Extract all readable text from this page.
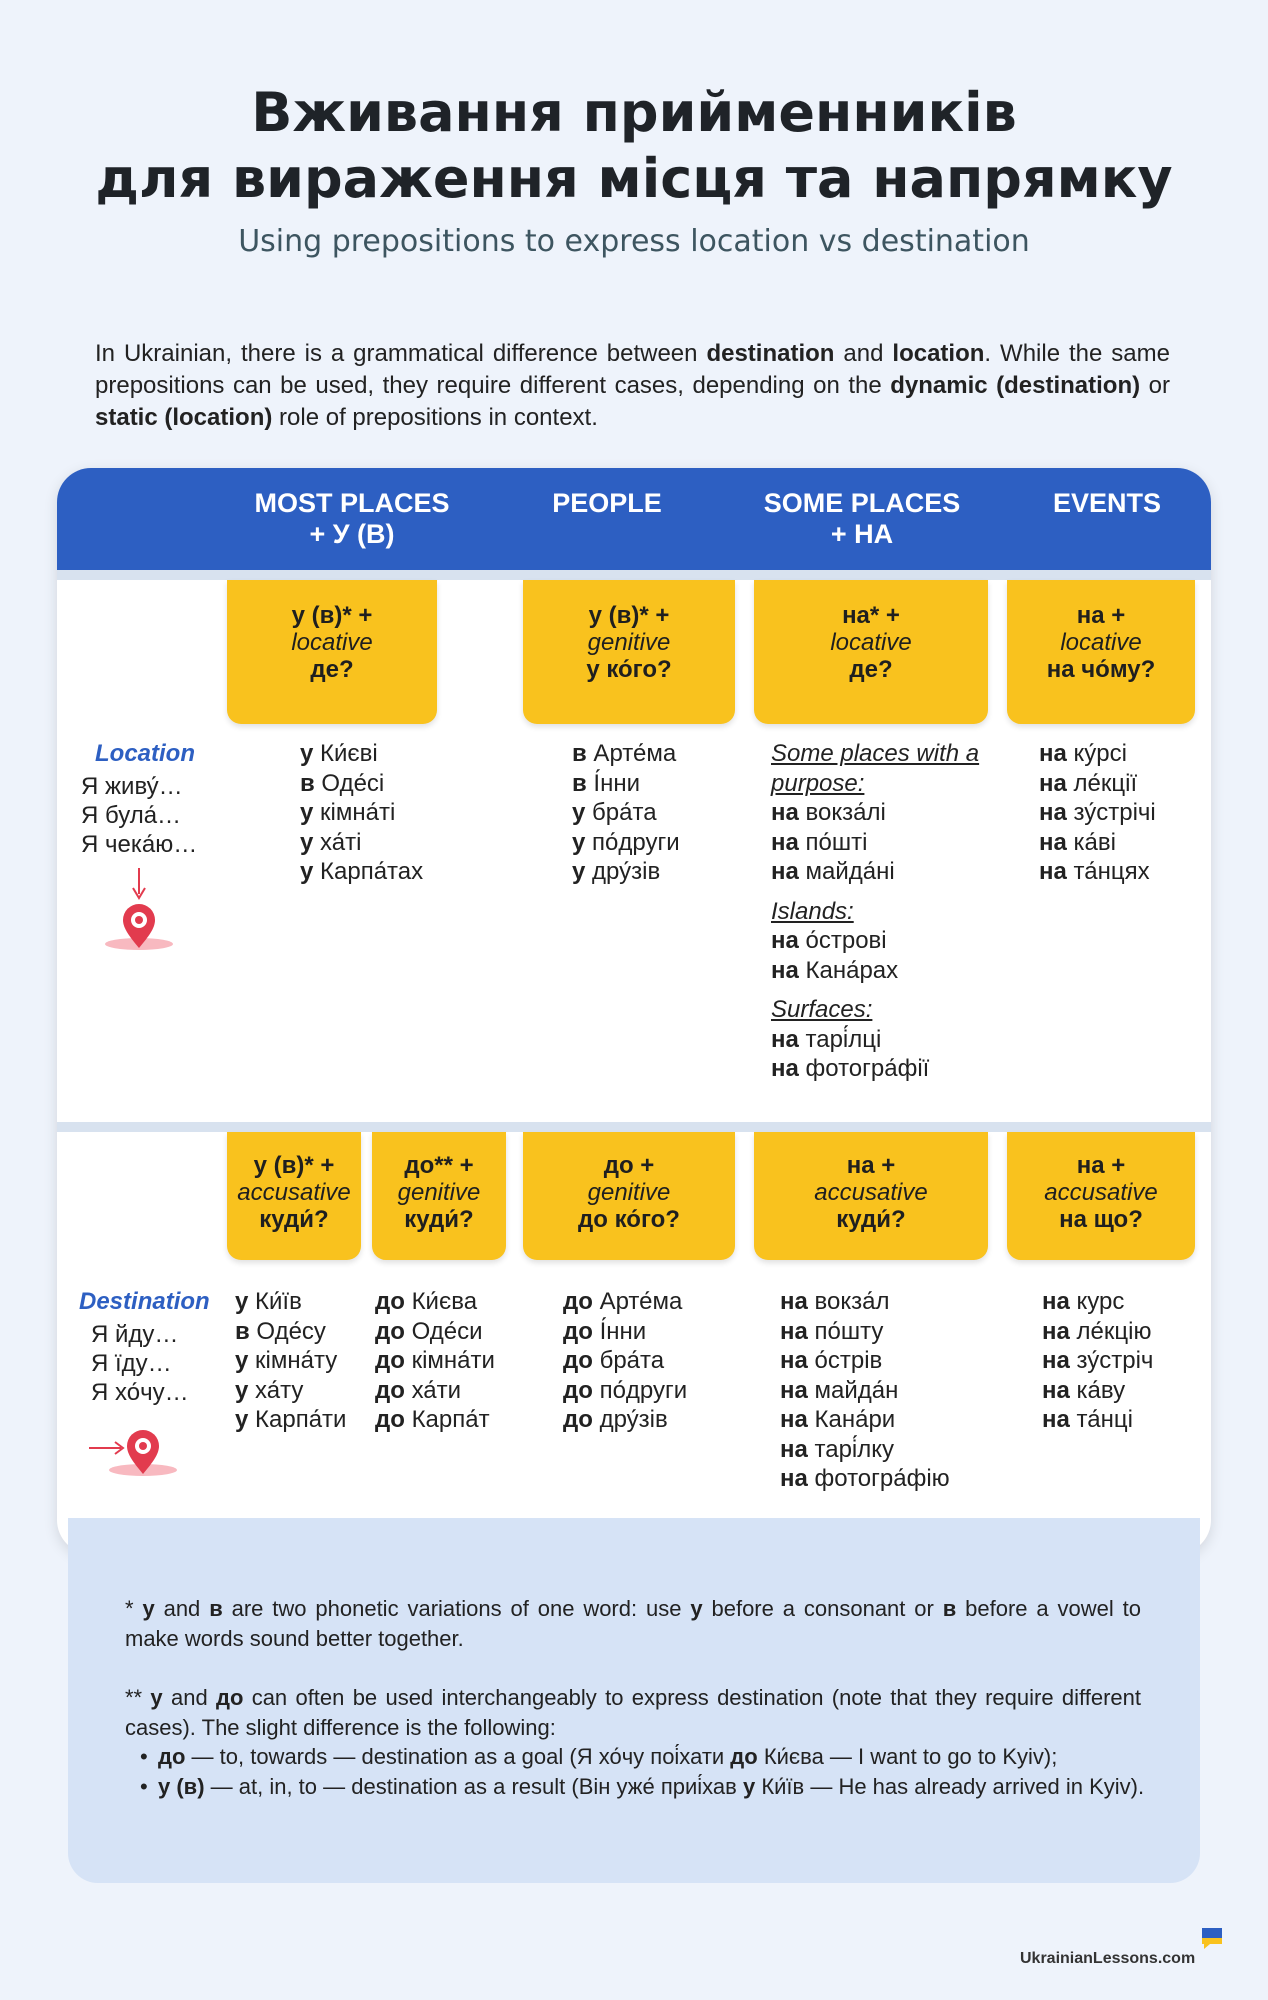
Вживання прийменників
для вираження місця та напрямку
Using prepositions to express location vs destination
In Ukrainian, there is a grammatical difference between destination and location. While the same prepositions can be used, they require different cases, depending on the dynamic (destination) or static (location) role of prepositions in context.
MOST PLACES
+ У (В)
PEOPLE	SOME PLACES
+ НА
EVENTS
у (в)* +
locative
де?
у (в)* +
genitive
у ко́го?
на* +
locative
де?
на +
locative
на чо́му?
Location
Я живу́…
Я була́…
Я чека́ю…
у Ки́єві
в Оде́сі
у кімна́ті
у ха́ті
у Карпа́тах
в Арте́ма
в І́нни
у бра́та
у по́други
у дру́зів
Some places with a purpose:
на вокза́лі
на по́шті
на майда́ні
Islands:
на о́строві
на Кана́рах
Surfaces:
на тарі́лці
на фотогра́фії
на ку́рсі
на ле́кції
на зу́стрічі
на ка́ві
на та́нцях
у (в)* +
accusative
куди́?
до** +
genitive
куди́?
до +
genitive
до ко́го?
на +
accusative
куди́?
на +
accusative
на що?
Destination
Я йду…
Я їду…
Я хо́чу…
у Ки́їв
в Оде́су
у кімна́ту
у ха́ту
у Карпа́ти
до Ки́єва
до Оде́си
до кімна́ти
до ха́ти
до Карпа́т
до Арте́ма
до І́нни
до бра́та
до по́други
до дру́зів
на вокза́л
на по́шту
на о́стрів
на майда́н
на Кана́ри
на тарі́лку
на фотогра́фію
на курс
на ле́кцію
на зу́стріч
на ка́ву
на та́нці
* у and в are two phonetic variations of one word: use у before a consonant or в before a vowel to make words sound better together.
** у and до can often be used interchangeably to express destination (note that they require different cases). The slight difference is the following:
• до — to, towards — destination as a goal (Я хо́чу поі́хати до Ки́єва — I want to go to Kyiv);
• у (в) — at, in, to — destination as a result (Він уже́ приі́хав у Ки́їв — He has already arrived in Kyiv).
UkrainianLessons.com
